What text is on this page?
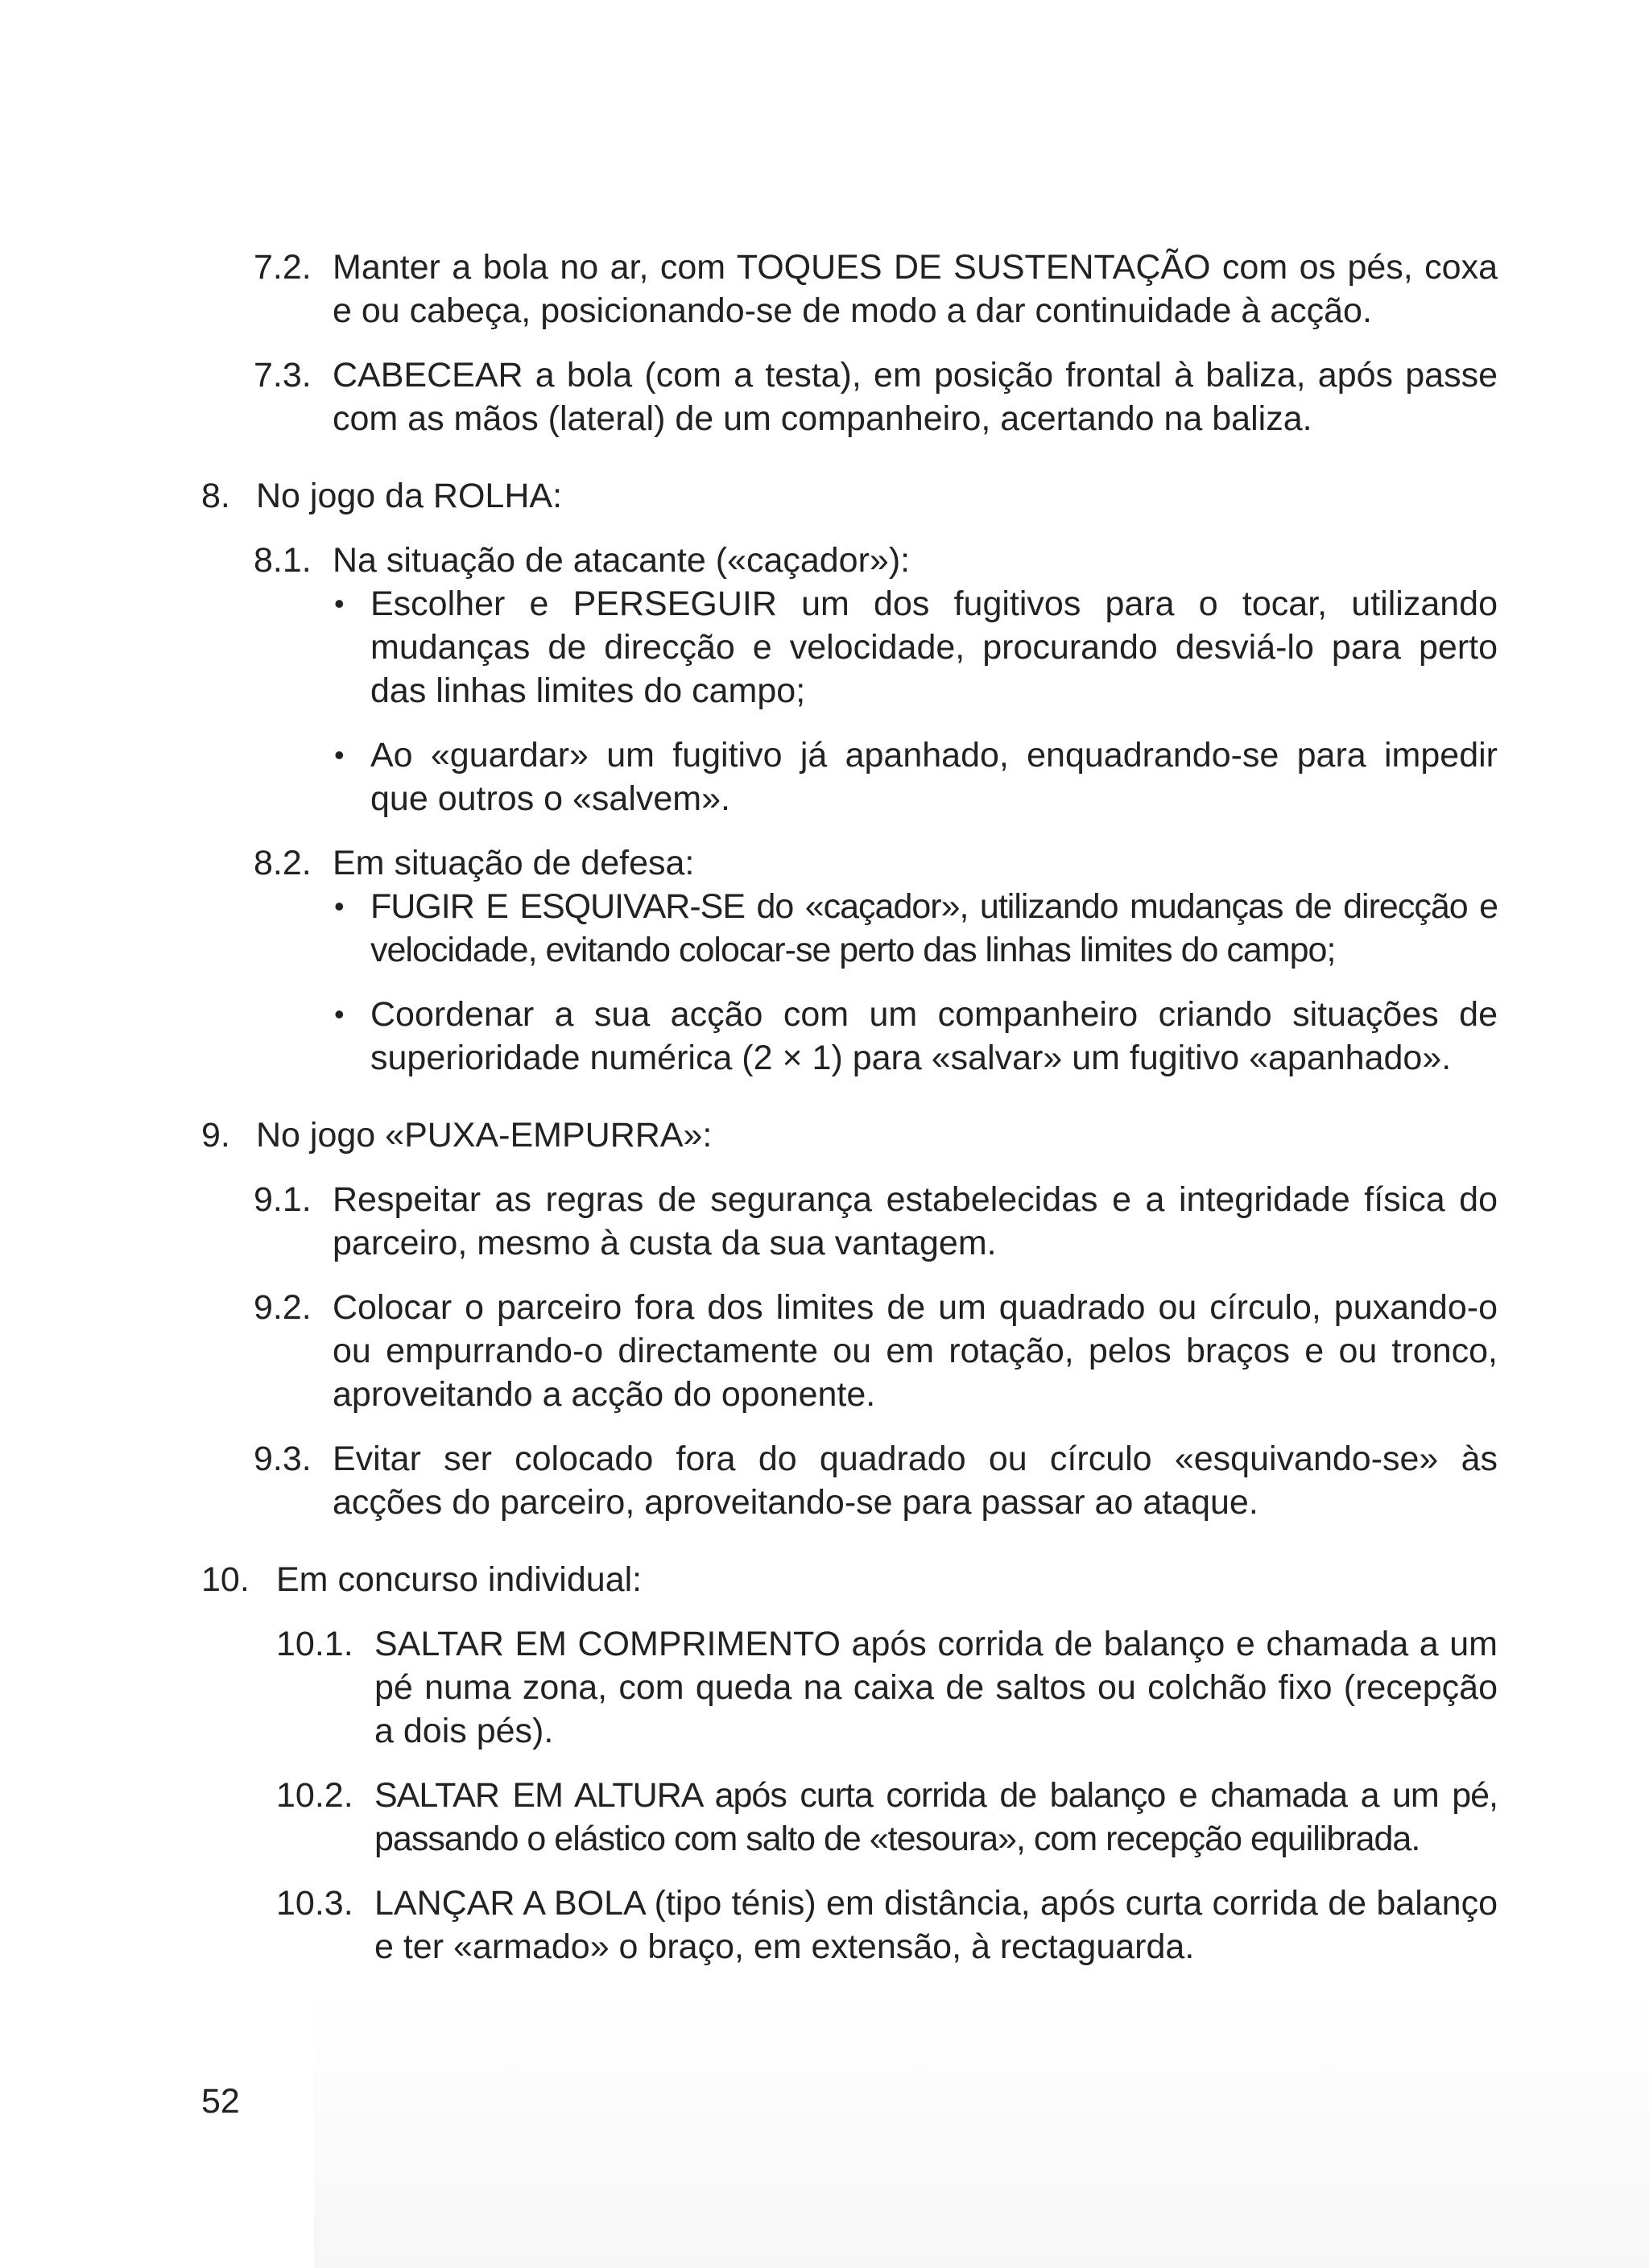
7.2. Manter a bola no ar, com TOQUES DE SUSTENTAÇÃO com os pés, coxa e ou cabeça, posicionando-se de modo a dar continuidade à acção.
7.3. CABECEAR a bola (com a testa), em posição frontal à baliza, após passe com as mãos (lateral) de um companheiro, acertando na baliza.
8. No jogo da ROLHA:
8.1. Na situação de atacante («caçador»):
• Escolher e PERSEGUIR um dos fugitivos para o tocar, utilizando mudanças de direcção e velocidade, procurando desviá-lo para perto das linhas limites do campo;
• Ao «guardar» um fugitivo já apanhado, enquadrando-se para impedir que outros o «salvem».
8.2. Em situação de defesa:
• FUGIR E ESQUIVAR-SE do «caçador», utilizando mudanças de direcção e velocidade, evitando colocar-se perto das linhas limites do campo;
• Coordenar a sua acção com um companheiro criando situações de superioridade numérica (2 × 1) para «salvar» um fugitivo «apanhado».
9. No jogo «PUXA-EMPURRA»:
9.1. Respeitar as regras de segurança estabelecidas e a integridade física do parceiro, mesmo à custa da sua vantagem.
9.2. Colocar o parceiro fora dos limites de um quadrado ou círculo, puxando-o ou empurrando-o directamente ou em rotação, pelos braços e ou tronco, aproveitando a acção do oponente.
9.3. Evitar ser colocado fora do quadrado ou círculo «esquivando-se» às acções do parceiro, aproveitando-se para passar ao ataque.
10. Em concurso individual:
10.1. SALTAR EM COMPRIMENTO após corrida de balanço e chamada a um pé numa zona, com queda na caixa de saltos ou colchão fixo (recepção a dois pés).
10.2. SALTAR EM ALTURA após curta corrida de balanço e chamada a um pé, passando o elástico com salto de «tesoura», com recepção equilibrada.
10.3. LANÇAR A BOLA (tipo ténis) em distância, após curta corrida de balanço e ter «armado» o braço, em extensão, à rectaguarda.
52
